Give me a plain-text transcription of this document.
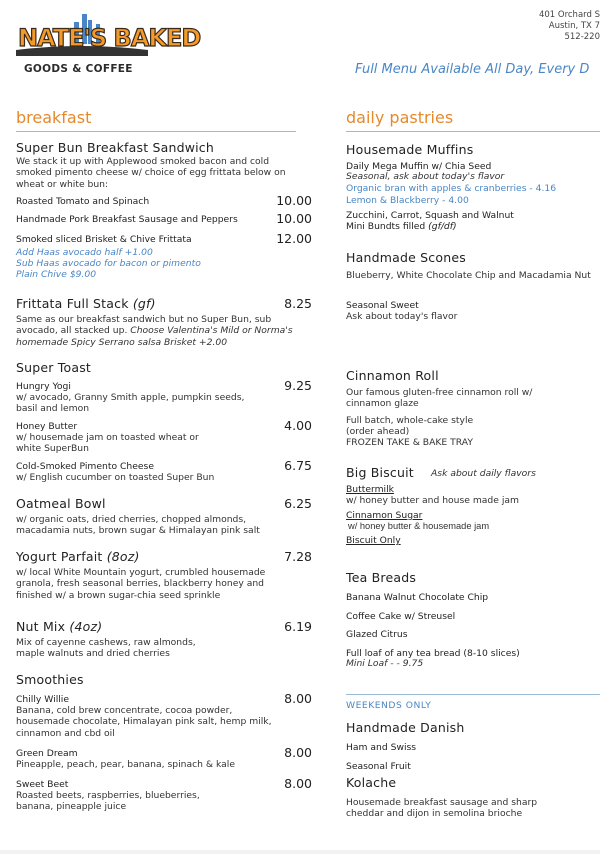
NATE'S BAKED
GOODS & COFFEE
401 Orchard S
Austin, TX 7
512-220
Full Menu Available All Day, Every D
breakfast
Super Bun Breakfast Sandwich
We stack it up with Applewood smoked bacon and cold smoked pimento cheese w/ choice of egg frittata below on wheat or white bun:
Roasted Tomato and Spinach	10.00
Handmade Pork Breakfast Sausage and Peppers	10.00
Smoked sliced Brisket & Chive Frittata	12.00
Add Haas avocado half +1.00
Sub Haas avocado for bacon or pimento
Plain Chive $9.00
Frittata Full Stack (gf)	8.25
Same as our breakfast sandwich but no Super Bun, sub avocado, all stacked up. Choose Valentina's Mild or Norma's homemade Spicy Serrano salsa Brisket +2.00
Super Toast
Hungry Yogi	9.25
w/ avocado, Granny Smith apple, pumpkin seeds, basil and lemon
Honey Butter	4.00
w/ housemade jam on toasted wheat or white SuperBun
Cold-Smoked Pimento Cheese	6.75
w/ English cucumber on toasted Super Bun
Oatmeal Bowl	6.25
w/ organic oats, dried cherries, chopped almonds, macadamia nuts, brown sugar & Himalayan pink salt
Yogurt Parfait (8oz)	7.28
w/ local White Mountain yogurt, crumbled housemade granola, fresh seasonal berries, blackberry honey and finished w/ a brown sugar-chia seed sprinkle
Nut Mix (4oz)	6.19
Mix of cayenne cashews, raw almonds, maple walnuts and dried cherries
Smoothies
Chilly Willie	8.00
Banana, cold brew concentrate, cocoa powder, housemade chocolate, Himalayan pink salt, hemp milk, cinnamon and cbd oil
Green Dream	8.00
Pineapple, peach, pear, banana, spinach & kale
Sweet Beet	8.00
Roasted beets, raspberries, blueberries, banana, pineapple juice
daily pastries
Housemade Muffins
Daily Mega Muffin w/ Chia Seed
Seasonal, ask about today's flavor
Organic bran with apples & cranberries - 4.16
Lemon & Blackberry - 4.00
Zucchini, Carrot, Squash and Walnut
Mini Bundts filled (gf/df)
Handmade Scones
Blueberry, White Chocolate Chip and Macadamia Nut
Seasonal Sweet
Ask about today's flavor
Cinnamon Roll
Our famous gluten-free cinnamon roll w/ cinnamon glaze
Full batch, whole-cake style (order ahead)
FROZEN TAKE & BAKE TRAY
Big Biscuit Ask about daily flavors
Buttermilk
w/ honey butter and house made jam
Cinnamon Sugar
w/ honey butter & housemade jam
Biscuit Only
Tea Breads
Banana Walnut Chocolate Chip
Coffee Cake w/ Streusel
Glazed Citrus
Full loaf of any tea bread (8-10 slices)
Mini Loaf - - 9.75
WEEKENDS ONLY
Handmade Danish
Ham and Swiss
Seasonal Fruit
Kolache
Housemade breakfast sausage and sharp cheddar and dijon in semolina brioche
